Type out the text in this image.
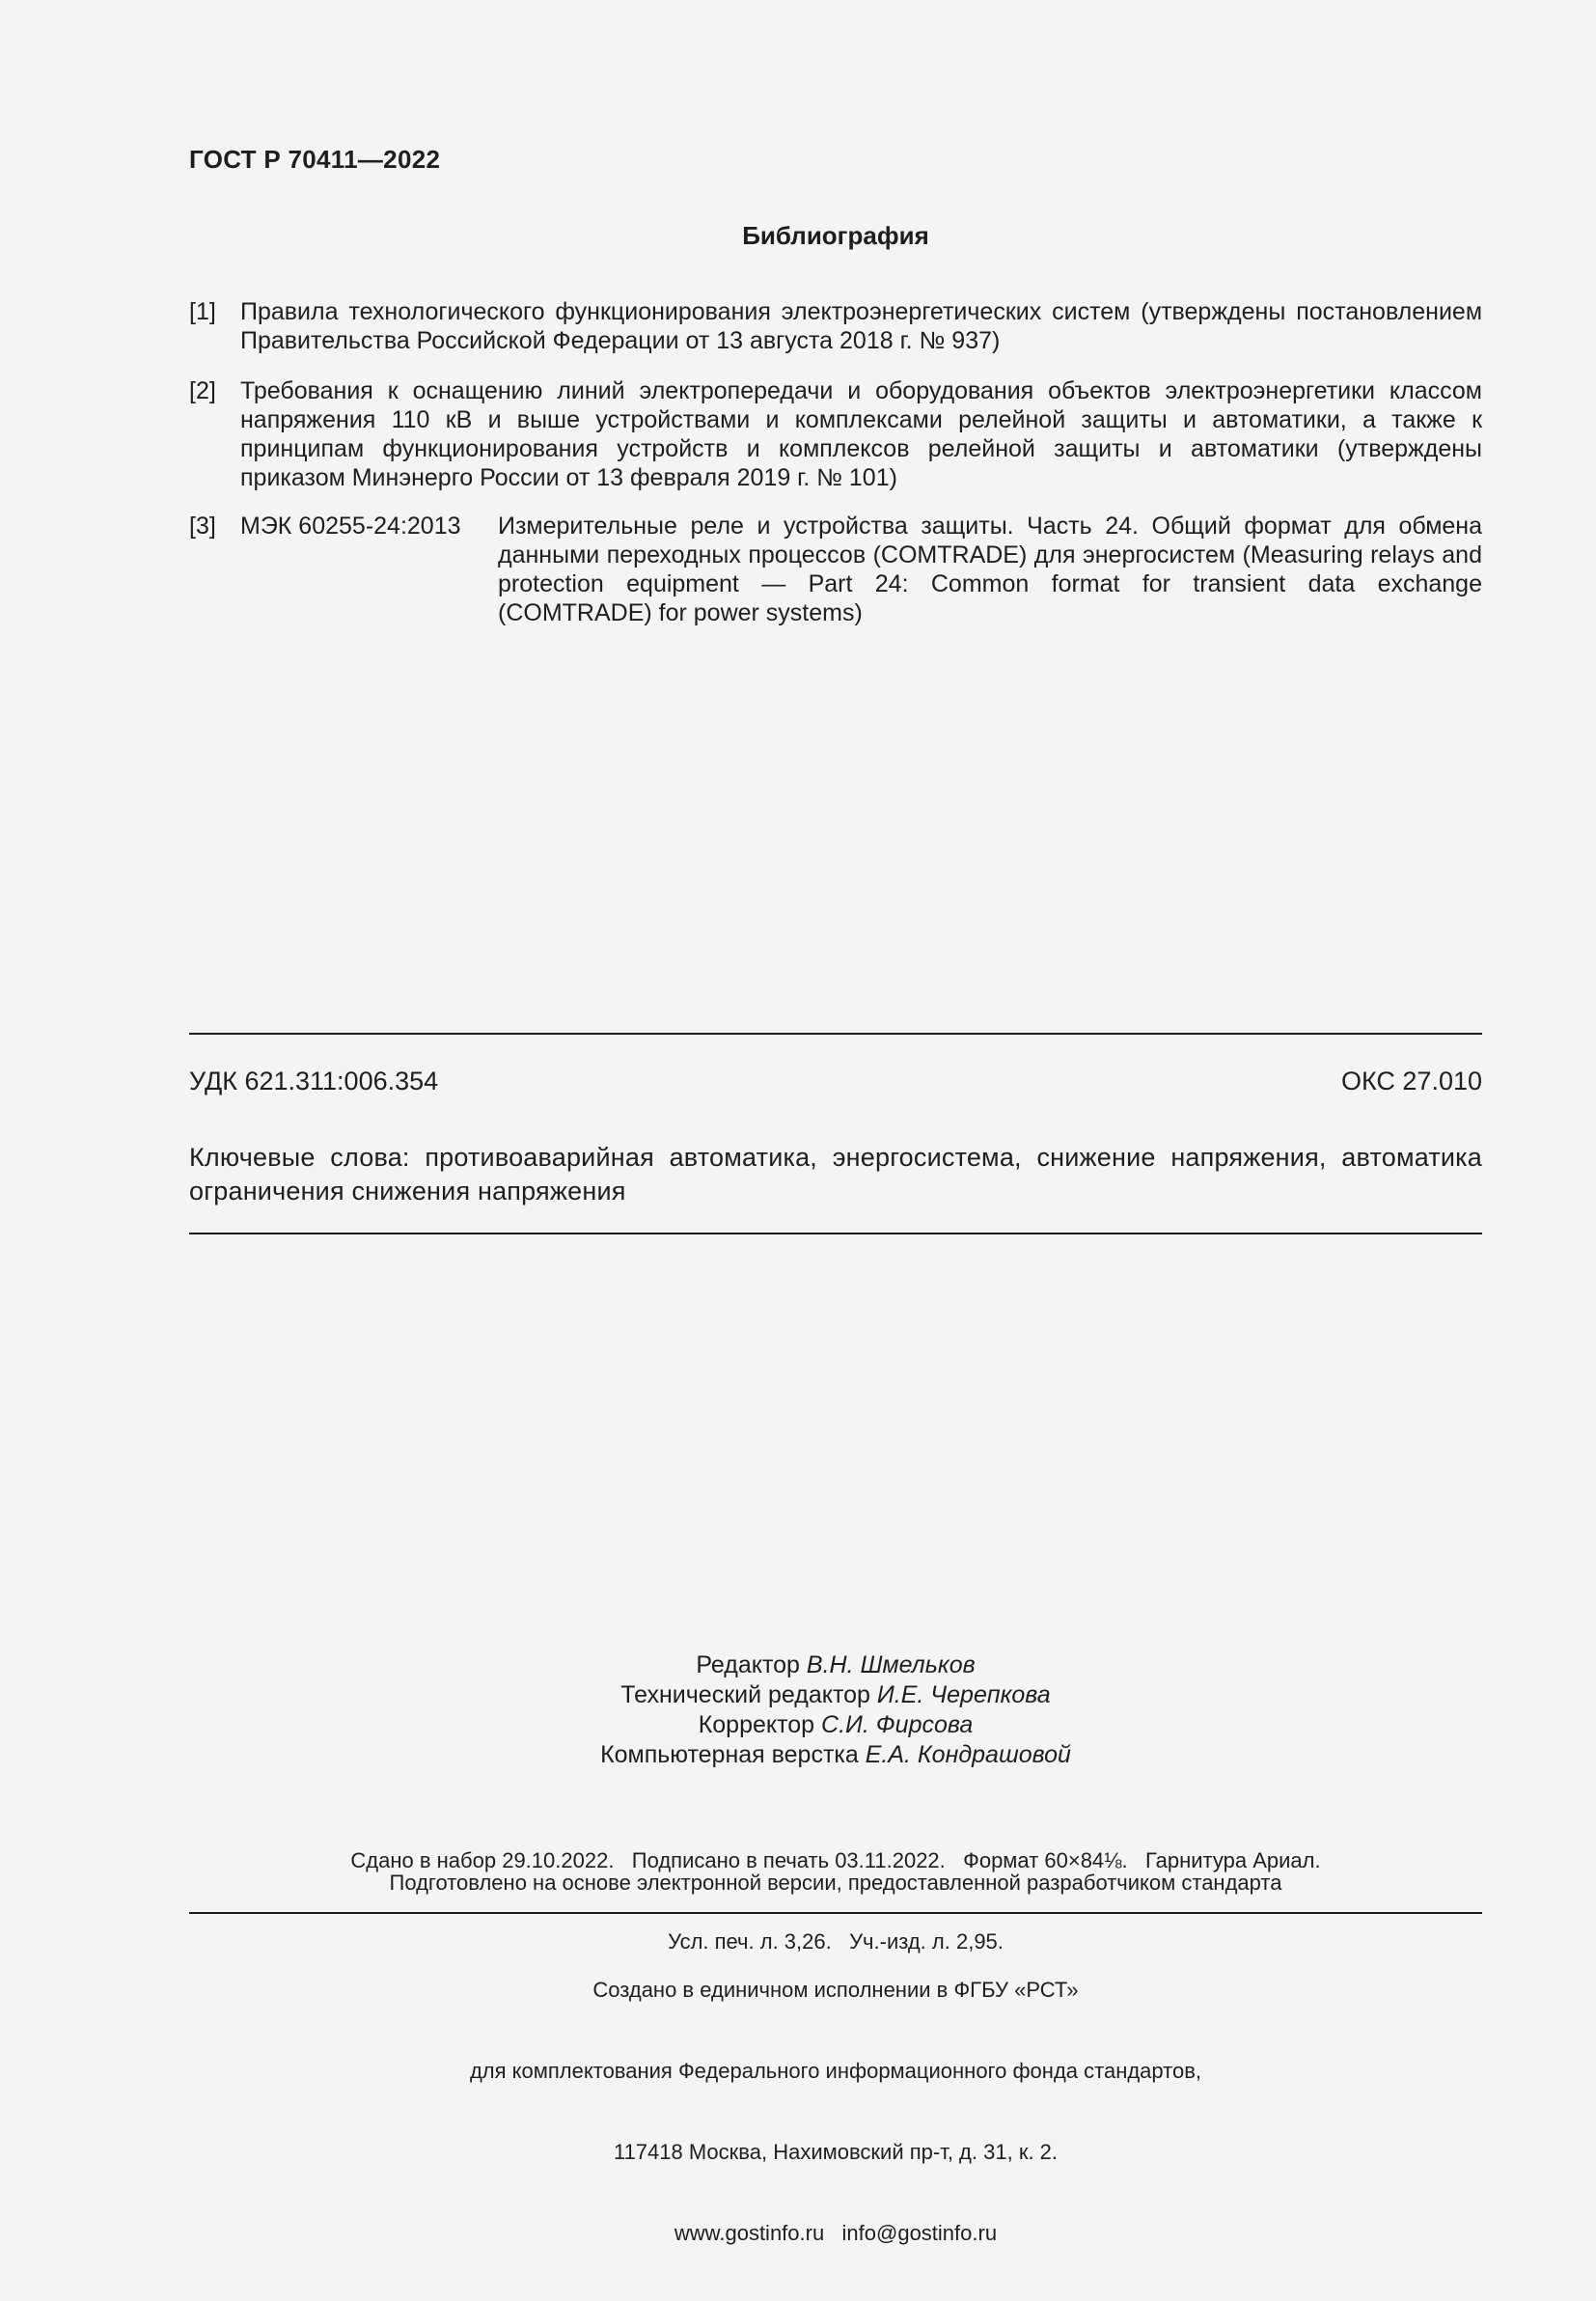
ГОСТ Р 70411—2022
Библиография
[1] Правила технологического функционирования электроэнергетических систем (утверждены постановлением Правительства Российской Федерации от 13 августа 2018 г. № 937)
[2] Требования к оснащению линий электропередачи и оборудования объектов электроэнергетики классом напряжения 110 кВ и выше устройствами и комплексами релейной защиты и автоматики, а также к принципам функционирования устройств и комплексов релейной защиты и автоматики (утверждены приказом Минэнерго России от 13 февраля 2019 г. № 101)
[3] МЭК 60255-24:2013 Измерительные реле и устройства защиты. Часть 24. Общий формат для обмена данными переходных процессов (COMTRADE) для энергосистем (Measuring relays and protection equipment — Part 24: Common format for transient data exchange (COMTRADE) for power systems)
УДК 621.311:006.354	ОКС 27.010
Ключевые слова: противоаварийная автоматика, энергосистема, снижение напряжения, автоматика ограничения снижения напряжения
Редактор В.Н. Шмельков
Технический редактор И.Е. Черепкова
Корректор С.И. Фирсова
Компьютерная верстка Е.А. Кондрашовой

Сдано в набор 29.10.2022.   Подписано в печать 03.11.2022.   Формат 60×84⅛.   Гарнитура Ариал.

Усл. печ. л. 3,26.   Уч.-изд. л. 2,95.

Подготовлено на основе электронной версии, предоставленной разработчиком стандарта

Создано в единичном исполнении в ФГБУ «РСТ»

для комплектования Федерального информационного фонда стандартов,

117418 Москва, Нахимовский пр-т, д. 31, к. 2.

www.gostinfo.ru   info@gostinfo.ru
